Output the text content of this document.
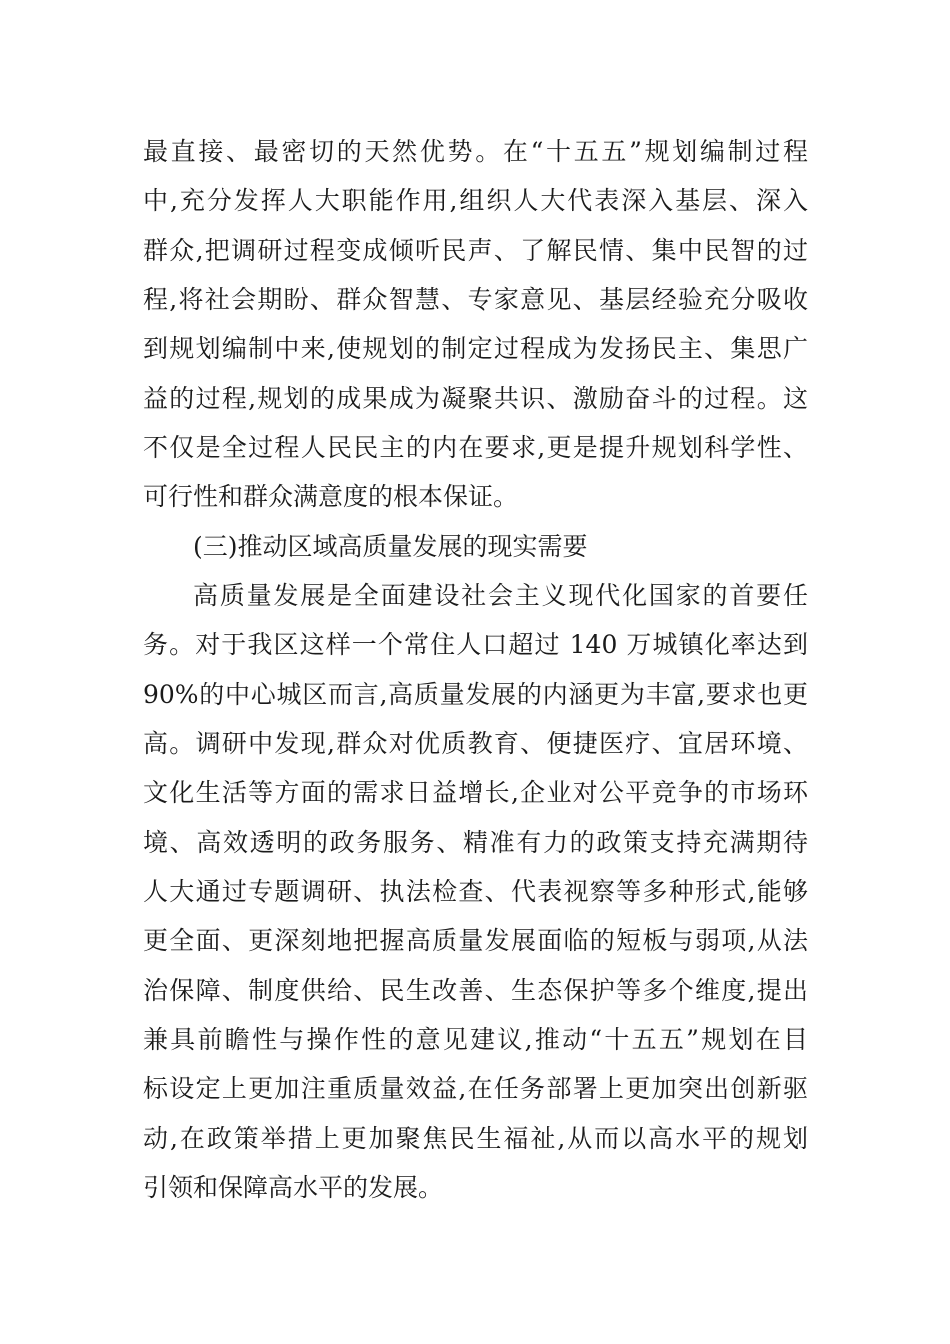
最直接、最密切的天然优势。在“十五五”规划编制过程
中,充分发挥人大职能作用,组织人大代表深入基层、深入
群众,把调研过程变成倾听民声、了解民情、集中民智的过
程,将社会期盼、群众智慧、专家意见、基层经验充分吸收
到规划编制中来,使规划的制定过程成为发扬民主、集思广
益的过程,规划的成果成为凝聚共识、激励奋斗的过程。这
不仅是全过程人民民主的内在要求,更是提升规划科学性、
可行性和群众满意度的根本保证。
(三)推动区域高质量发展的现实需要
高质量发展是全面建设社会主义现代化国家的首要任
务。对于我区这样一个常住人口超过 140 万城镇化率达到
90%的中心城区而言,高质量发展的内涵更为丰富,要求也更
高。调研中发现,群众对优质教育、便捷医疗、宜居环境、
文化生活等方面的需求日益增长,企业对公平竞争的市场环
境、高效透明的政务服务、精准有力的政策支持充满期待
人大通过专题调研、执法检查、代表视察等多种形式,能够
更全面、更深刻地把握高质量发展面临的短板与弱项,从法
治保障、制度供给、民生改善、生态保护等多个维度,提出
兼具前瞻性与操作性的意见建议,推动“十五五”规划在目
标设定上更加注重质量效益,在任务部署上更加突出创新驱
动,在政策举措上更加聚焦民生福祉,从而以高水平的规划
引领和保障高水平的发展。
